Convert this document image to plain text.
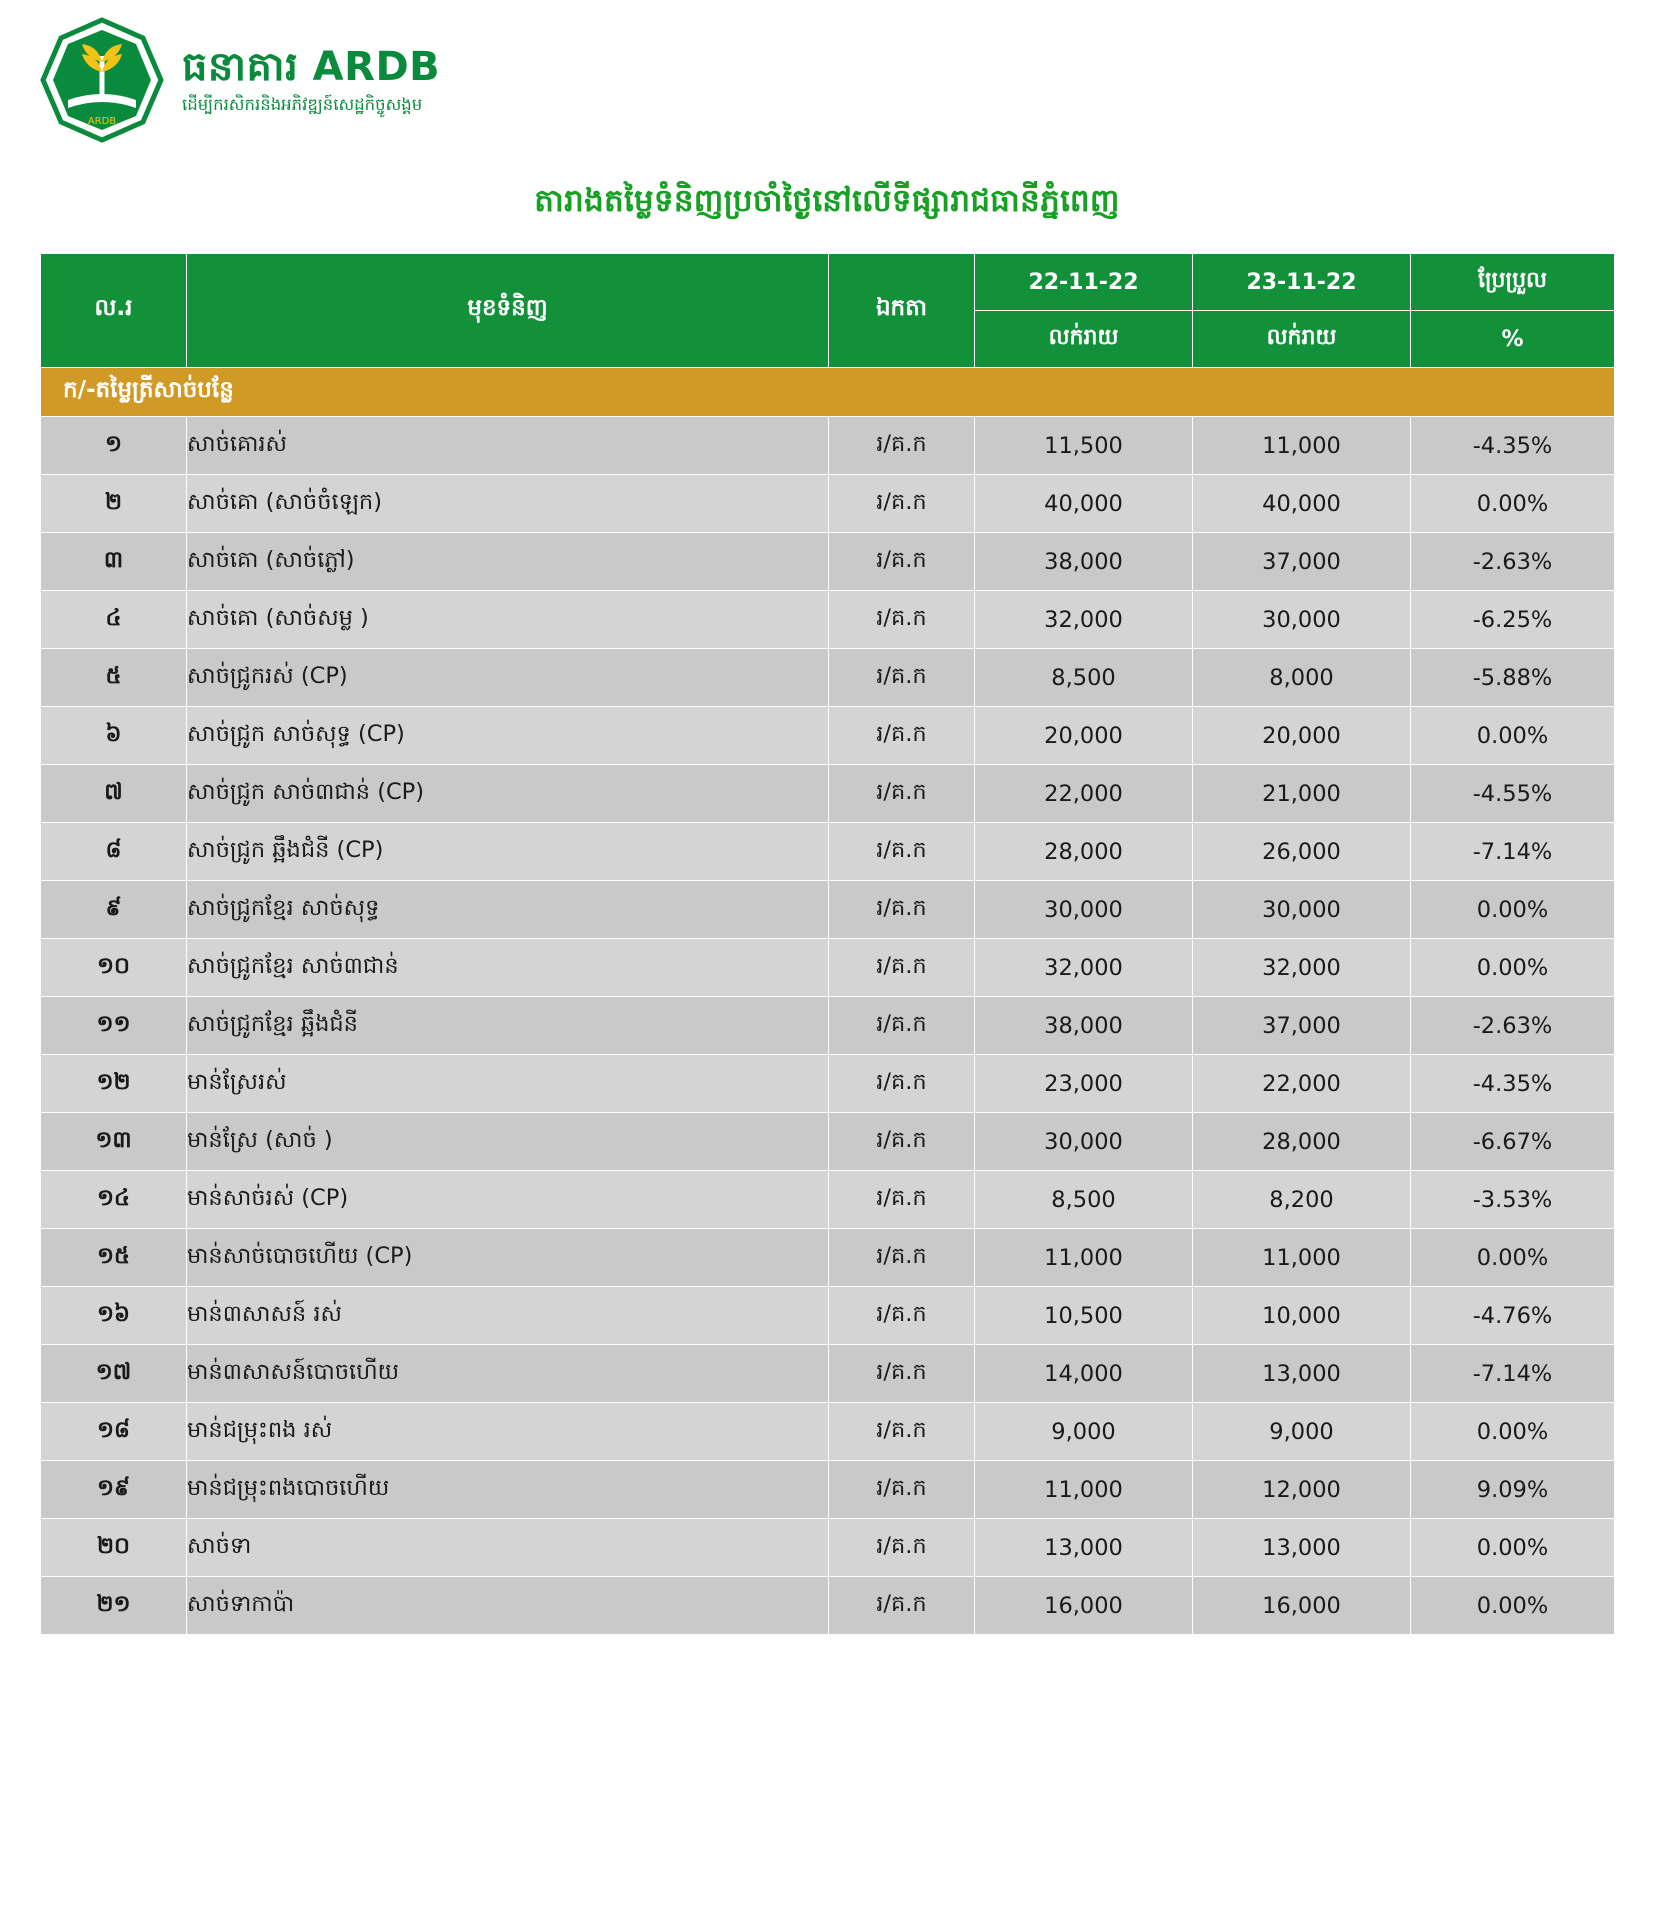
ARDB
ធនាគារ ARDB
ដើម្បីករសិករនិងអភិវឌ្ឍន៍សេដ្ឋកិច្ចូសង្គម
តារាងតម្លៃទំនិញប្រចាំថ្ងៃនៅលើទីផ្សារាជធានីភ្នំពេញ
ល.រ	មុខទំនិញ	ឯកតា	22-11-22	23-11-22	ប្រែប្រួល
			លក់រាយ	លក់រាយ	%
ក/-តម្លៃត្រីសាច់បន្លែ					
១	សាច់គោរស់	រ/គ.ក	11,500	11,000	-4.35%
២	សាច់គោ (សាច់ចំឡេក)	រ/គ.ក	40,000	40,000	0.00%
៣	សាច់គោ (សាច់ភ្លៅ)	រ/គ.ក	38,000	37,000	-2.63%
៤	សាច់គោ (សាច់សម្ល )	រ/គ.ក	32,000	30,000	-6.25%
៥	សាច់ជ្រូករស់ (CP)	រ/គ.ក	8,500	8,000	-5.88%
៦	សាច់ជ្រូក សាច់សុទ្ធ (CP)	រ/គ.ក	20,000	20,000	0.00%
៧	សាច់ជ្រូក សាច់៣ជាន់ (CP)	រ/គ.ក	22,000	21,000	-4.55%
៨	សាច់ជ្រូក ឆ្អឹងជំនី (CP)	រ/គ.ក	28,000	26,000	-7.14%
៩	សាច់ជ្រូកខ្មែរ សាច់សុទ្ធ	រ/គ.ក	30,000	30,000	0.00%
១០	សាច់ជ្រូកខ្មែរ សាច់៣ជាន់	រ/គ.ក	32,000	32,000	0.00%
១១	សាច់ជ្រូកខ្មែរ ឆ្អឹងជំនី	រ/គ.ក	38,000	37,000	-2.63%
១២	មាន់ស្រែរស់	រ/គ.ក	23,000	22,000	-4.35%
១៣	មាន់ស្រែ (សាច់ )	រ/គ.ក	30,000	28,000	-6.67%
១៤	មាន់សាច់រស់ (CP)	រ/គ.ក	8,500	8,200	-3.53%
១៥	មាន់សាច់បោចហើយ (CP)	រ/គ.ក	11,000	11,000	0.00%
១៦	មាន់៣សាសន៍ រស់	រ/គ.ក	10,500	10,000	-4.76%
១៧	មាន់៣សាសន៍បោចហើយ	រ/គ.ក	14,000	13,000	-7.14%
១៨	មាន់ជម្រុះពង រស់	រ/គ.ក	9,000	9,000	0.00%
១៩	មាន់ជម្រុះពងបោចហើយ	រ/គ.ក	11,000	12,000	9.09%
២០	សាច់ទា	រ/គ.ក	13,000	13,000	0.00%
២១	សាច់ទាកាប៉ា	រ/គ.ក	16,000	16,000	0.00%
